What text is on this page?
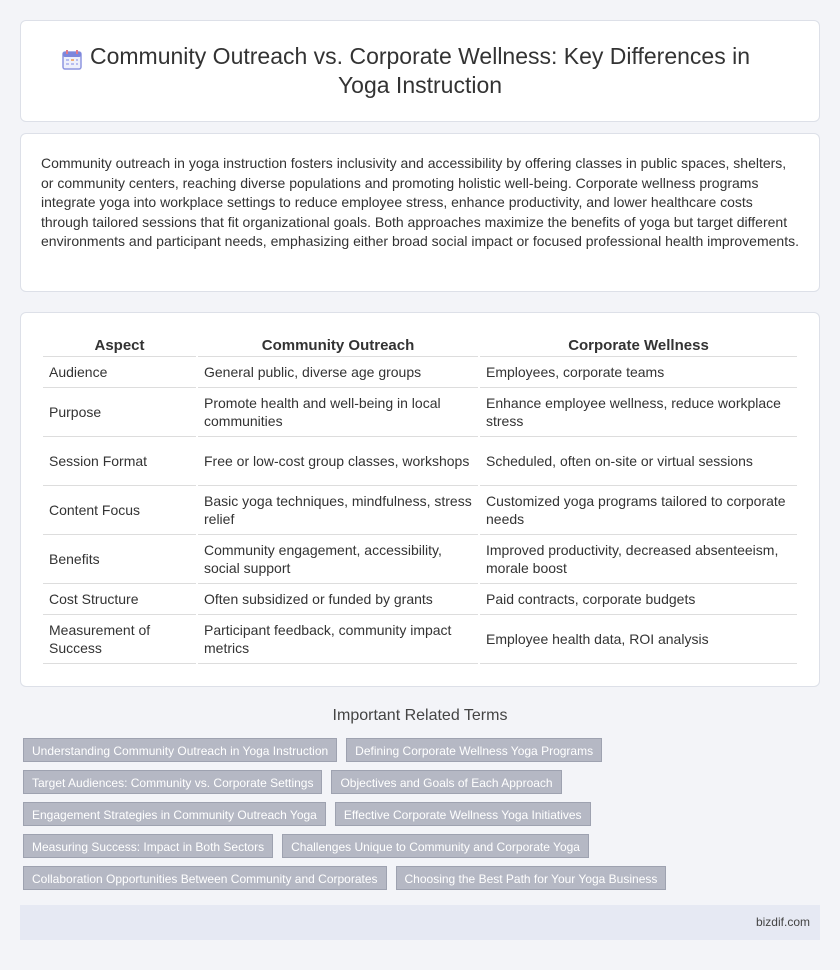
Community Outreach vs. Corporate Wellness: Key Differences in Yoga Instruction

Community outreach in yoga instruction fosters inclusivity and accessibility by offering classes in public spaces, shelters, or community centers, reaching diverse populations and promoting holistic well-being. Corporate wellness programs integrate yoga into workplace settings to reduce employee stress, enhance productivity, and lower healthcare costs through tailored sessions that fit organizational goals. Both approaches maximize the benefits of yoga but target different environments and participant needs, emphasizing either broad social impact or focused professional health improvements.

Aspect	Community Outreach	Corporate Wellness
Audience	General public, diverse age groups	Employees, corporate teams
Purpose	Promote health and well-being in local communities	Enhance employee wellness, reduce workplace stress
Session Format	Free or low-cost group classes, workshops	Scheduled, often on-site or virtual sessions
Content Focus	Basic yoga techniques, mindfulness, stress relief	Customized yoga programs tailored to corporate needs
Benefits	Community engagement, accessibility, social support	Improved productivity, decreased absenteeism, morale boost
Cost Structure	Often subsidized or funded by grants	Paid contracts, corporate budgets
Measurement of Success	Participant feedback, community impact metrics	Employee health data, ROI analysis
Important Related Terms
Understanding Community Outreach in Yoga Instruction	Defining Corporate Wellness Yoga Programs
Target Audiences: Community vs. Corporate Settings	Objectives and Goals of Each Approach
Engagement Strategies in Community Outreach Yoga	Effective Corporate Wellness Yoga Initiatives
Measuring Success: Impact in Both Sectors	Challenges Unique to Community and Corporate Yoga
Collaboration Opportunities Between Community and Corporates	Choosing the Best Path for Your Yoga Business
bizdif.com
